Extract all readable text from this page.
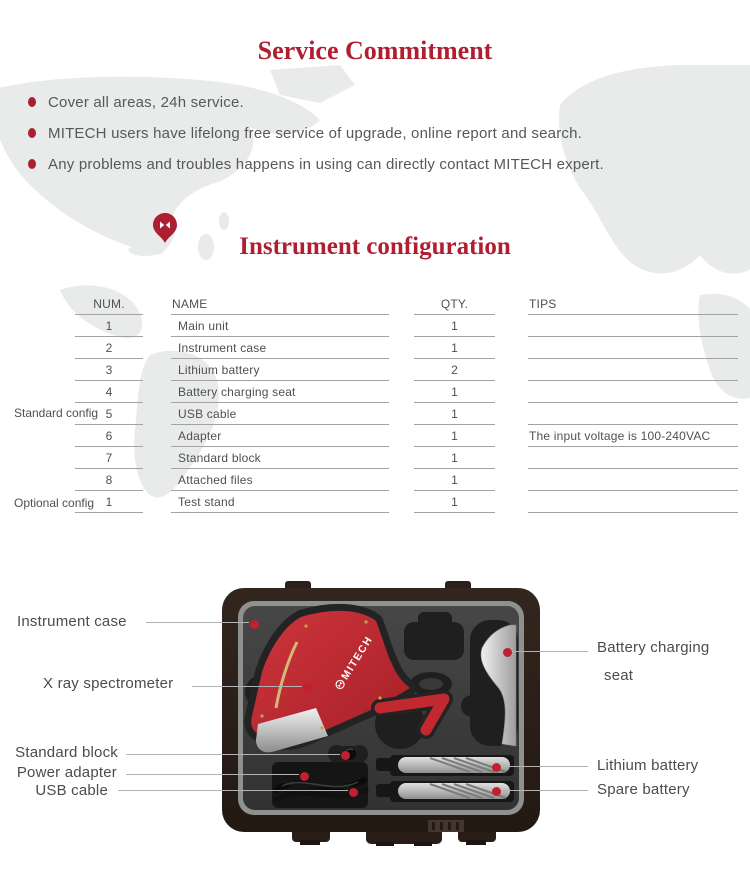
Service Commitment
Instrument configuration
Cover all areas, 24h service.
MITECH users have lifelong free service of upgrade, online report and search.
Any problems and troubles happens in using can directly contact MITECH expert.
NUM.
1
2
3
4
5
6
7
8
1
NAME
Main unit
Instrument case
Lithium battery
Battery charging seat
USB cable
Adapter
Standard block
Attached files
Test stand
QTY.
1
1
2
1
1
1
1
1
1
TIPS
The input voltage is 100-240VAC
Standard config
Optional config
MITECH
Instrument case
X ray spectrometer
Standard block
Power adapter
USB cable
Battery charging
seat
Lithium battery
Spare battery
